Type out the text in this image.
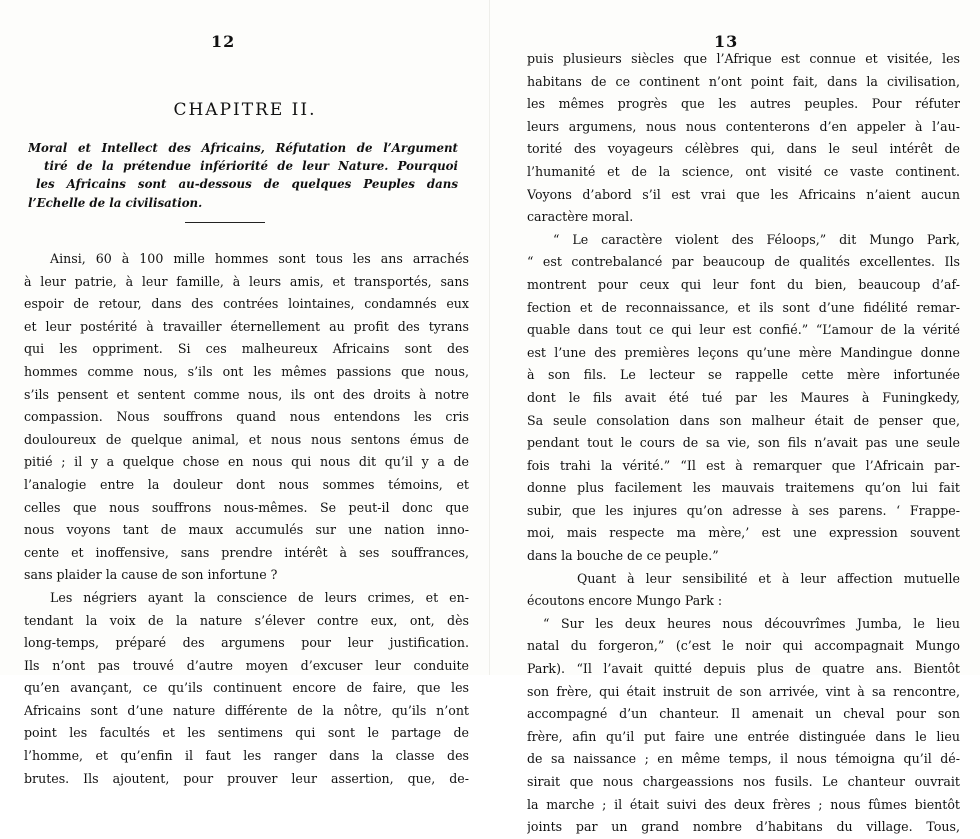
12
CHAPITRE II.
Moral et Intellect des Africains, Réfutation de l’Argument
tiré de la prétendue infériorité de leur Nature. Pourquoi
les Africains sont au-dessous de quelques Peuples dans
l’Echelle de la civilisation.
Ainsi, 60 à 100 mille hommes sont tous les ans arrachés
à leur patrie, à leur famille, à leurs amis, et transportés, sans
espoir de retour, dans des contrées lointaines, condamnés eux
et leur postérité à travailler éternellement au profit des tyrans
qui les oppriment. Si ces malheureux Africains sont des
hommes comme nous, s’ils ont les mêmes passions que nous,
s’ils pensent et sentent comme nous, ils ont des droits à notre
compassion. Nous souffrons quand nous entendons les cris
douloureux de quelque animal, et nous nous sentons émus de
pitié ; il y a quelque chose en nous qui nous dit qu’il y a de
l’analogie entre la douleur dont nous sommes témoins, et
celles que nous souffrons nous-mêmes. Se peut-il donc que
nous voyons tant de maux accumulés sur une nation inno-
cente et inoffensive, sans prendre intérêt à ses souffrances,
sans plaider la cause de son infortune ?
Les négriers ayant la conscience de leurs crimes, et en-
tendant la voix de la nature s’élever contre eux, ont, dès
long-temps, préparé des argumens pour leur justification.
Ils n’ont pas trouvé d’autre moyen d’excuser leur conduite
qu’en avançant, ce qu’ils continuent encore de faire, que les
Africains sont d’une nature différente de la nôtre, qu’ils n’ont
point les facultés et les sentimens qui sont le partage de
l’homme, et qu’enfin il faut les ranger dans la classe des
brutes. Ils ajoutent, pour prouver leur assertion, que, de-
13
puis plusieurs siècles que l’Afrique est connue et visitée, les
habitans de ce continent n’ont point fait, dans la civilisation,
les mêmes progrès que les autres peuples. Pour réfuter
leurs argumens, nous nous contenterons d’en appeler à l’au-
torité des voyageurs célèbres qui, dans le seul intérêt de
l’humanité et de la science, ont visité ce vaste continent.
Voyons d’abord s’il est vrai que les Africains n’aient aucun
caractère moral.
“ Le caractère violent des Féloops,” dit Mungo Park,
“ est contrebalancé par beaucoup de qualités excellentes. Ils
montrent pour ceux qui leur font du bien, beaucoup d’af-
fection et de reconnaissance, et ils sont d’une fidélité remar-
quable dans tout ce qui leur est confié.” “L’amour de la vérité
est l’une des premières leçons qu’une mère Mandingue donne
à son fils. Le lecteur se rappelle cette mère infortunée
dont le fils avait été tué par les Maures à Funingkedy,
Sa seule consolation dans son malheur était de penser que,
pendant tout le cours de sa vie, son fils n’avait pas une seule
fois trahi la vérité.” “Il est à remarquer que l’Africain par-
donne plus facilement les mauvais traitemens qu’on lui fait
subir, que les injures qu’on adresse à ses parens. ‘ Frappe-
moi, mais respecte ma mère,’ est une expression souvent
dans la bouche de ce peuple.”
Quant à leur sensibilité et à leur affection mutuelle
écoutons encore Mungo Park :
“ Sur les deux heures nous découvrîmes Jumba, le lieu
natal du forgeron,” (c’est le noir qui accompagnait Mungo
Park). “Il l’avait quitté depuis plus de quatre ans. Bientôt
son frère, qui était instruit de son arrivée, vint à sa rencontre,
accompagné d’un chanteur. Il amenait un cheval pour son
frère, afin qu’il put faire une entrée distinguée dans le lieu
de sa naissance ; en même temps, il nous témoigna qu’il dé-
sirait que nous chargeassions nos fusils. Le chanteur ouvrait
la marche ; il était suivi des deux frères ; nous fûmes bientôt
joints par un grand nombre d’habitans du village. Tous,
